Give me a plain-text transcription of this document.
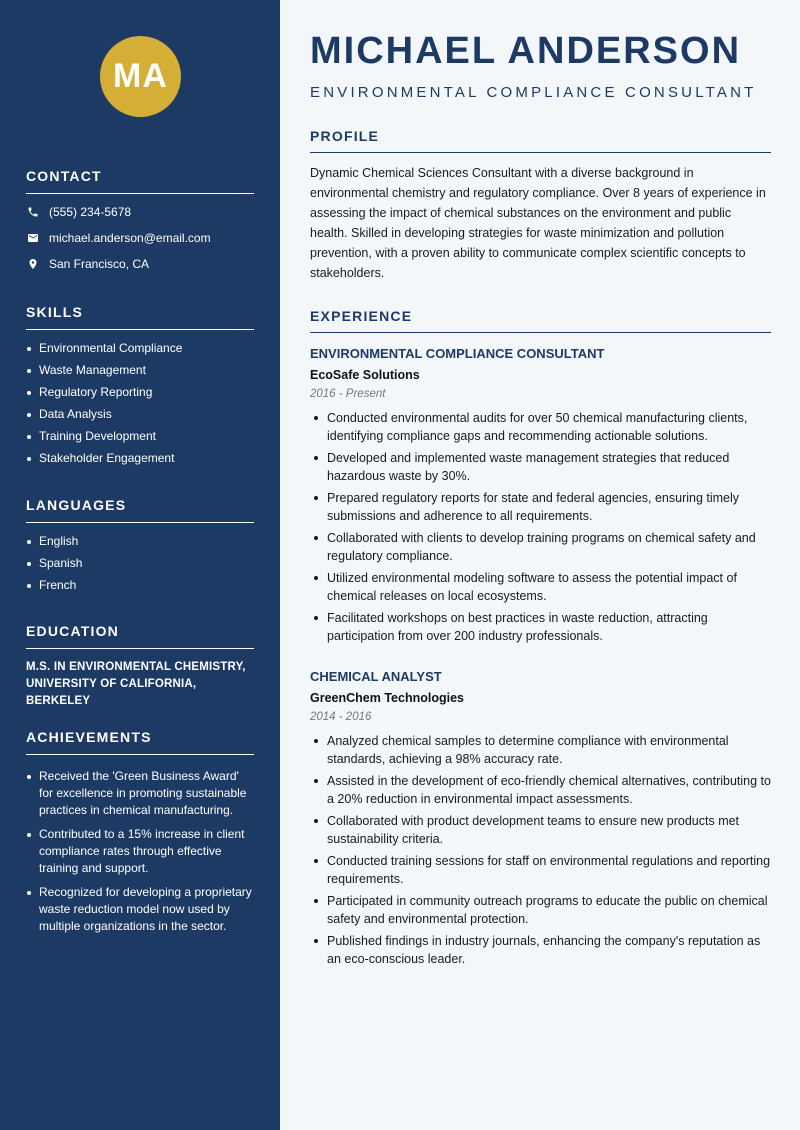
MA
CONTACT
(555) 234-5678
michael.anderson@email.com
San Francisco, CA
SKILLS
Environmental Compliance
Waste Management
Regulatory Reporting
Data Analysis
Training Development
Stakeholder Engagement
LANGUAGES
English
Spanish
French
EDUCATION
M.S. IN ENVIRONMENTAL CHEMISTRY,
UNIVERSITY OF CALIFORNIA, BERKELEY
ACHIEVEMENTS
Received the 'Green Business Award' for excellence in promoting sustainable practices in chemical manufacturing.
Contributed to a 15% increase in client compliance rates through effective training and support.
Recognized for developing a proprietary waste reduction model now used by multiple organizations in the sector.
MICHAEL ANDERSON
ENVIRONMENTAL COMPLIANCE CONSULTANT
PROFILE

Dynamic Chemical Sciences Consultant with a diverse background in environmental chemistry and regulatory compliance. Over 8 years of experience in assessing the impact of chemical substances on the environment and public health. Skilled in developing strategies for waste minimization and pollution prevention, with a proven ability to communicate complex scientific concepts to stakeholders.

EXPERIENCE
ENVIRONMENTAL COMPLIANCE CONSULTANT
EcoSafe Solutions
2016 - Present
Conducted environmental audits for over 50 chemical manufacturing clients, identifying compliance gaps and recommending actionable solutions.
Developed and implemented waste management strategies that reduced hazardous waste by 30%.
Prepared regulatory reports for state and federal agencies, ensuring timely submissions and adherence to all requirements.
Collaborated with clients to develop training programs on chemical safety and regulatory compliance.
Utilized environmental modeling software to assess the potential impact of chemical releases on local ecosystems.
Facilitated workshops on best practices in waste reduction, attracting participation from over 200 industry professionals.
CHEMICAL ANALYST
GreenChem Technologies
2014 - 2016
Analyzed chemical samples to determine compliance with environmental standards, achieving a 98% accuracy rate.
Assisted in the development of eco-friendly chemical alternatives, contributing to a 20% reduction in environmental impact assessments.
Collaborated with product development teams to ensure new products met sustainability criteria.
Conducted training sessions for staff on environmental regulations and reporting requirements.
Participated in community outreach programs to educate the public on chemical safety and environmental protection.
Published findings in industry journals, enhancing the company's reputation as an eco-conscious leader.
